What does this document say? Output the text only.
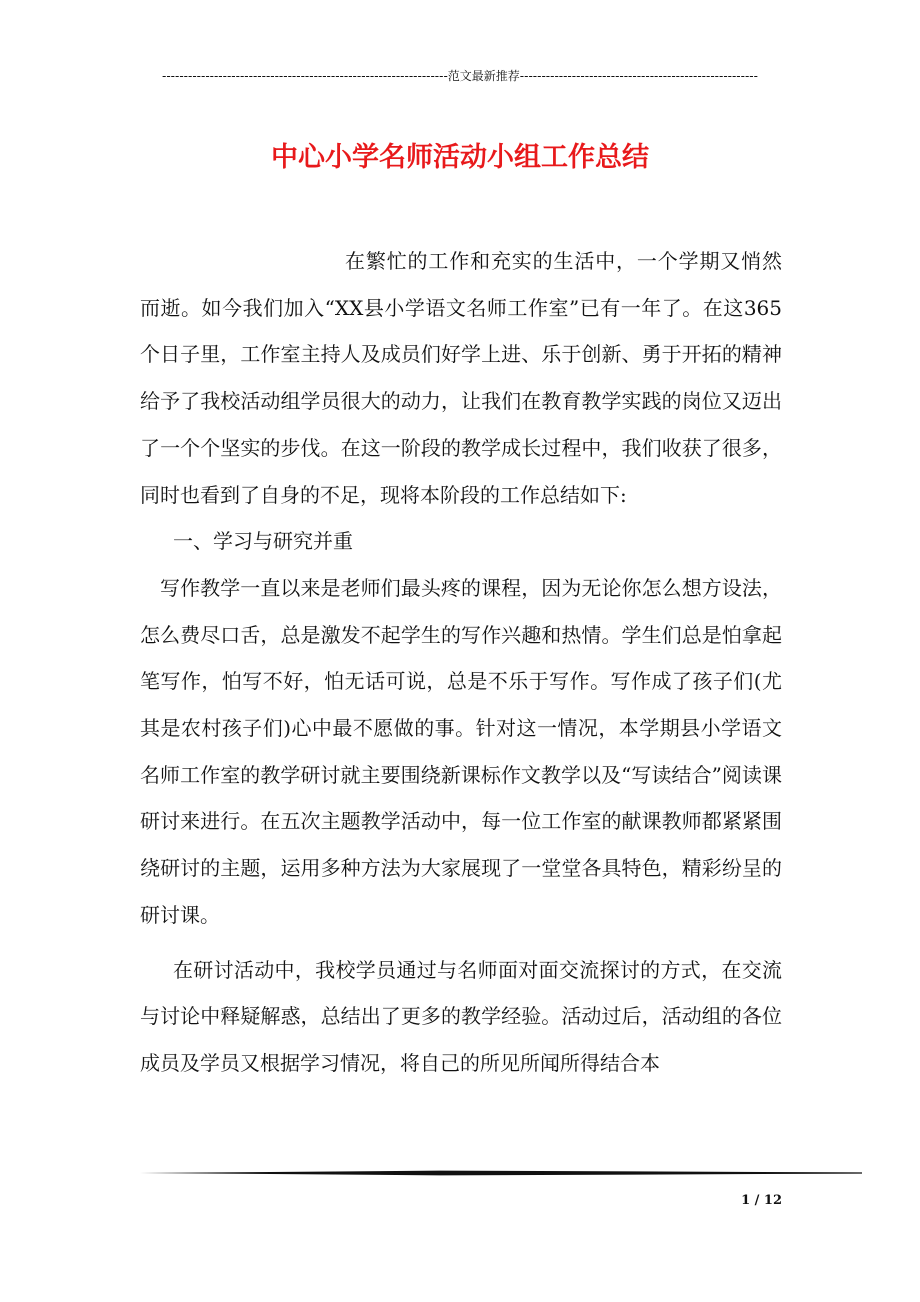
------------------------------------------------------------------范文最新推荐-------------------------------------------------------
中心小学名师活动小组工作总结

在繁忙的工作和充实的生活中，一个学期又悄然而逝。如今我们加入“XX县小学语文名师工作室”已有一年了。在这365个日子里，工作室主持人及成员们好学上进、乐于创新、勇于开拓的精神给予了我校活动组学员很大的动力，让我们在教育教学实践的岗位又迈出了一个个坚实的步伐。在这一阶段的教学成长过程中，我们收获了很多，同时也看到了自身的不足，现将本阶段的工作总结如下:

一、学习与研究并重

写作教学一直以来是老师们最头疼的课程，因为无论你怎么想方设法，怎么费尽口舌，总是激发不起学生的写作兴趣和热情。学生们总是怕拿起笔写作，怕写不好，怕无话可说，总是不乐于写作。写作成了孩子们(尤其是农村孩子们)心中最不愿做的事。针对这一情况，本学期县小学语文名师工作室的教学研讨就主要围绕新课标作文教学以及“写读结合”阅读课研讨来进行。在五次主题教学活动中，每一位工作室的献课教师都紧紧围绕研讨的主题，运用多种方法为大家展现了一堂堂各具特色，精彩纷呈的研讨课。

在研讨活动中，我校学员通过与名师面对面交流探讨的方式，在交流与讨论中释疑解惑，总结出了更多的教学经验。活动过后，活动组的各位成员及学员又根据学习情况，将自己的所见所闻所得结合本

1 / 12
